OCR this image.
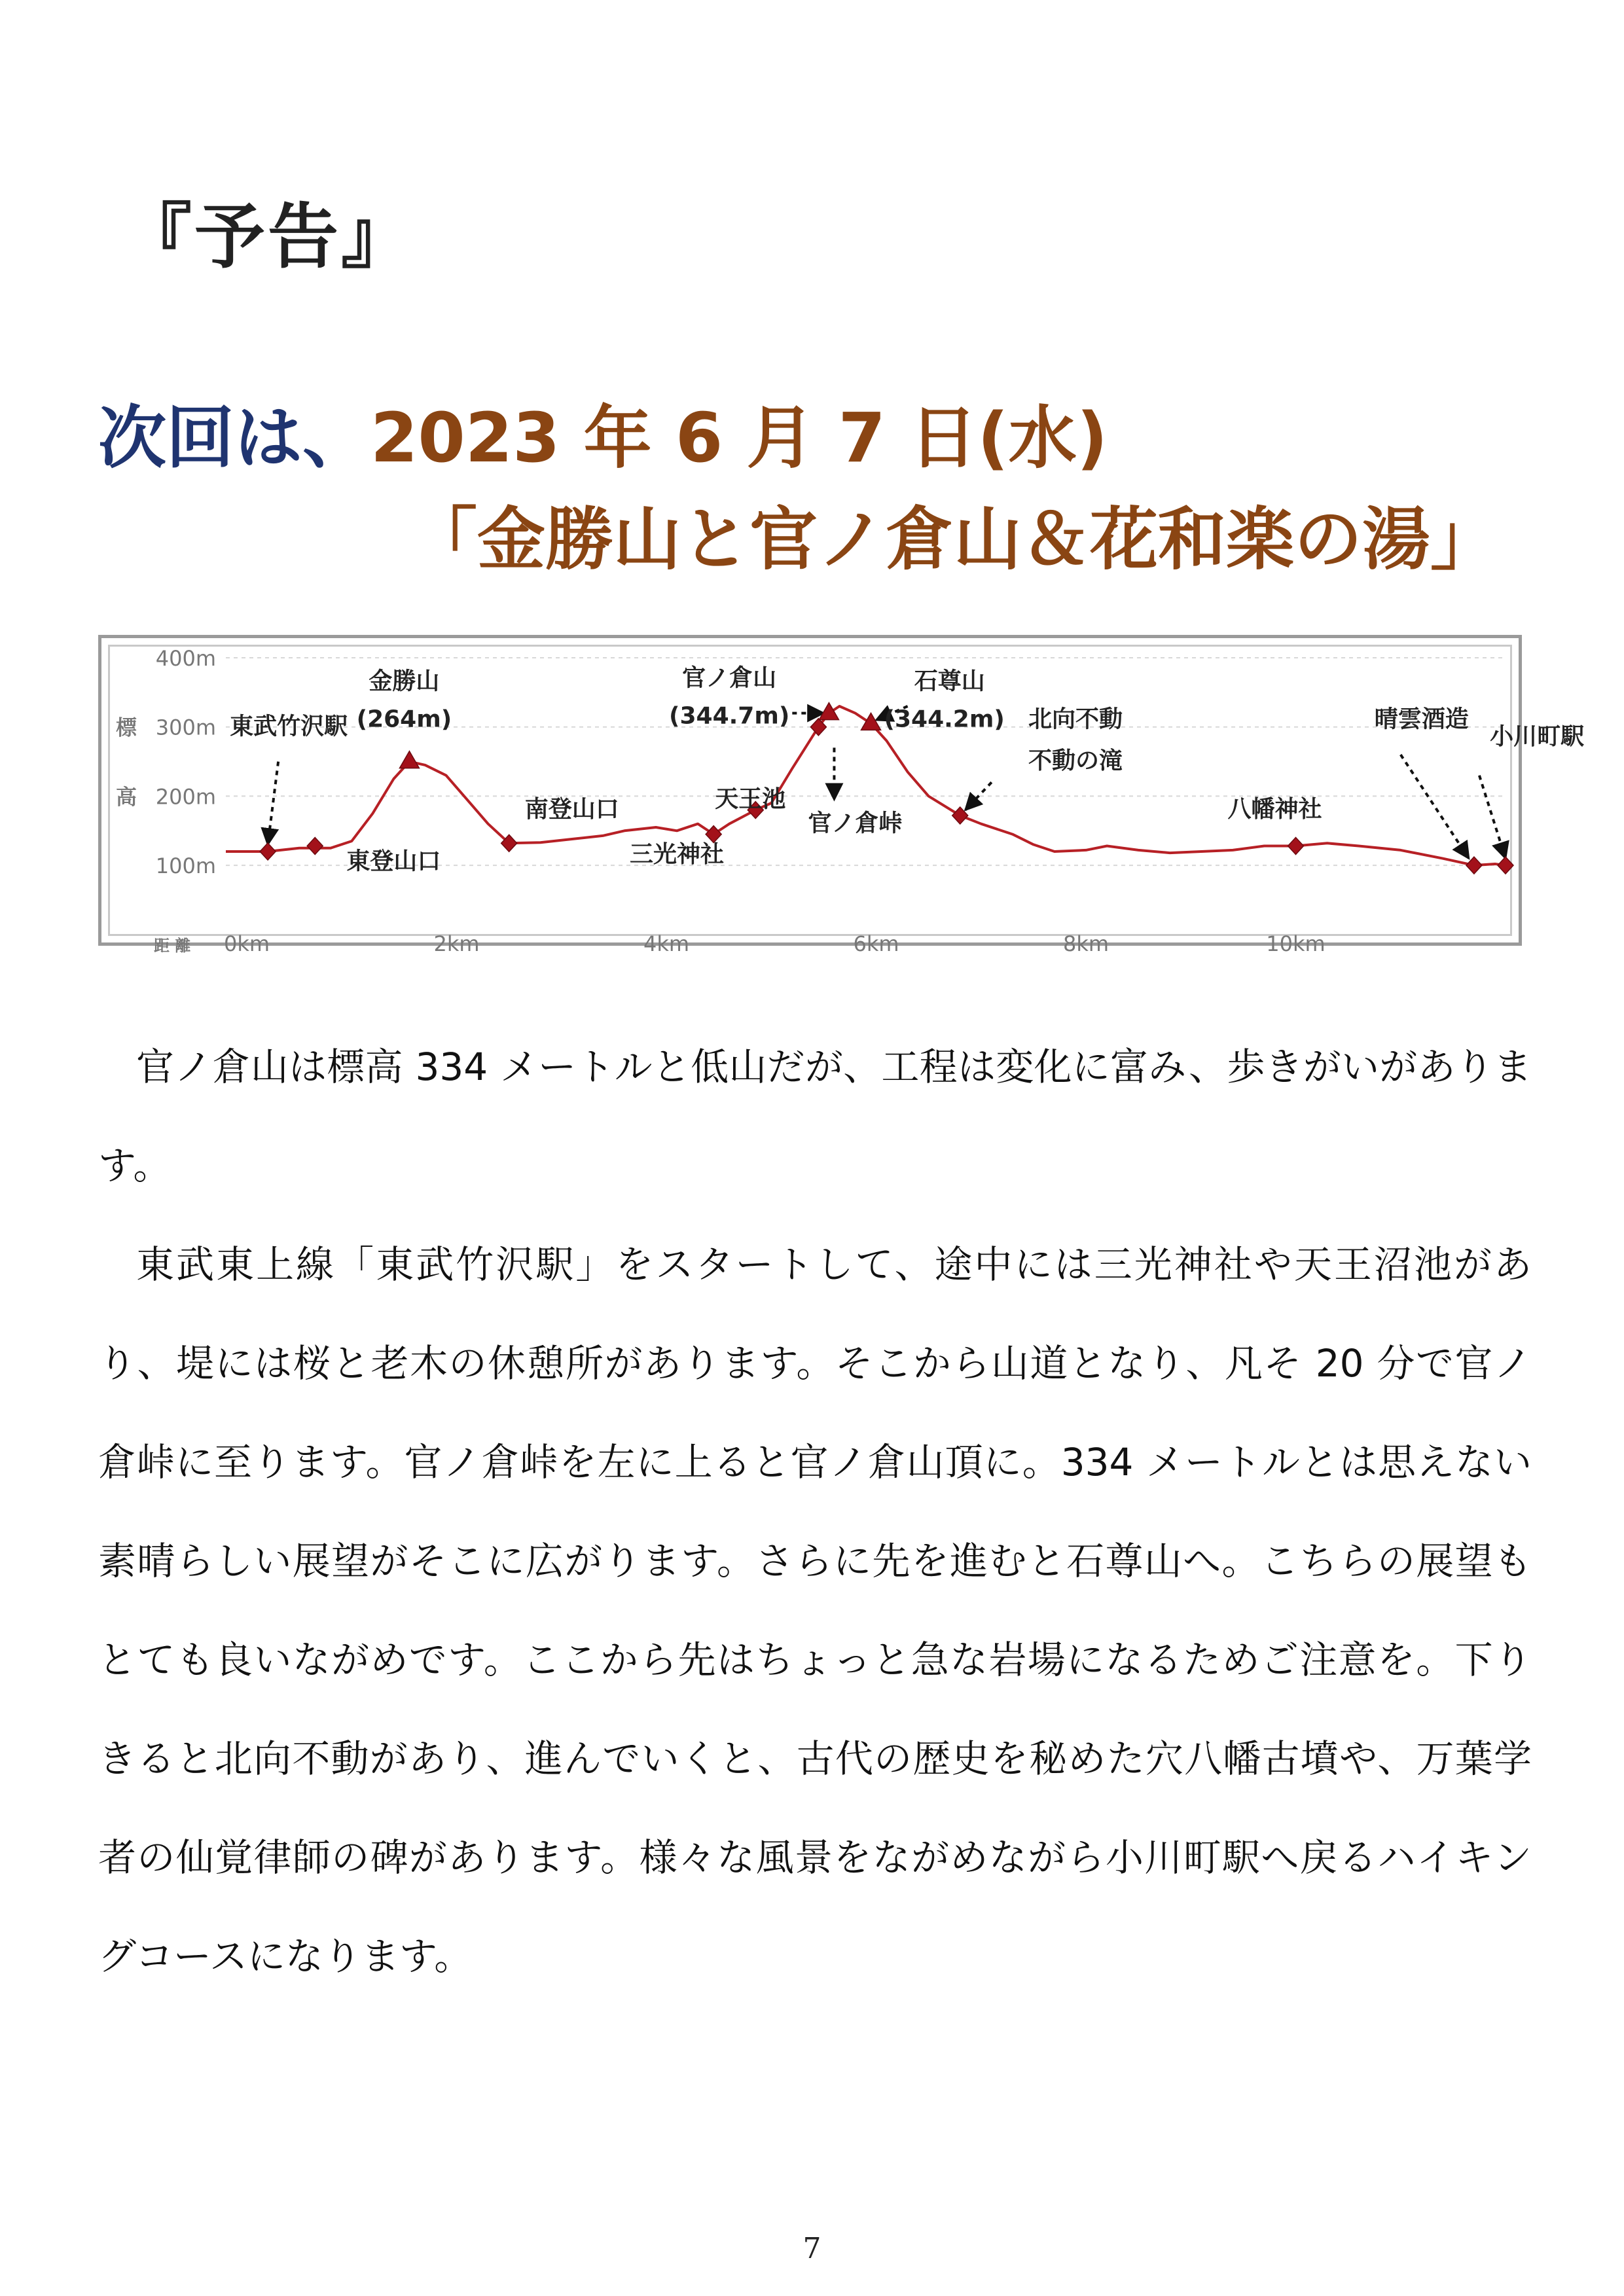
『予告』
次回は、2023 年 6 月 7 日(水)
「金勝山と官ノ倉山＆花和楽の湯」
100m
200m
300m
400m
標
高
距 離 0km	2km	4km	6km	8km	10km
東武竹沢駅
金勝山
(264m)
東登山口
南登山口
三光神社
天王池
官ノ倉山
(344.7m)
官ノ倉峠
石尊山
(344.2m) 北向不動
不動の滝
八幡神社
晴雲酒造
小川町駅

官ノ倉山は標高 334 メートルと低山だが、工程は変化に富み、歩きがいがあります。

東武東上線「東武竹沢駅」をスタートして、途中には三光神社や天王沼池があり、堤には桜と老木の休憩所があります。そこから山道となり、凡そ 20 分で官ノ倉峠に至ります。官ノ倉峠を左に上ると官ノ倉山頂に。334 メートルとは思えない素晴らしい展望がそこに広がります。さらに先を進むと石尊山へ。こちらの展望もとても良いながめです。ここから先はちょっと急な岩場になるためご注意を。下りきると北向不動があり、進んでいくと、古代の歴史を秘めた穴八幡古墳や、万葉学者の仙覚律師の碑があります。様々な風景をながめながら小川町駅へ戻るハイキングコースになります。

7
